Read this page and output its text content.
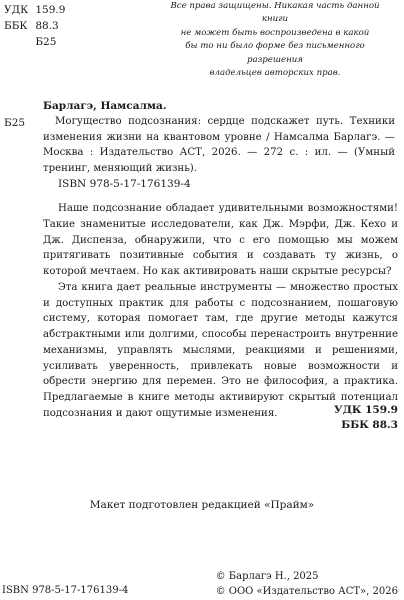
УДК 159.9
ББК 88.3
Б25
Все права защищены. Никакая часть данной книги
не может быть воспроизведена в какой
бы то ни было форме без письменного разрешения
владельцев авторских прав.
Барлагэ, Намсалма.
Б25	Могущество подсознания: сердце подскажет путь. Техники изменения жизни на квантовом уровне / Намсалма Барлагэ. — Москва : Издательство АСТ, 2026. — 272 с. : ил. — (Умный тренинг, меняющий жизнь).
ISBN 978-5-17-176139-4

Наше подсознание обладает удивительными возможностями! Такие знаменитые исследователи, как Дж. Мэрфи, Дж. Кехо и Дж. Диспенза, обнаружили, что с его помощью мы можем притягивать позитивные события и создавать ту жизнь, о которой мечтаем. Но как активировать наши скрытые ресурсы?

Эта книга дает реальные инструменты — множество простых и доступных практик для работы с подсознанием, пошаговую систему, которая помогает там, где другие методы кажутся абстрактными или долгими, способы перенастроить внутренние механизмы, управлять мыслями, реакциями и решениями, усиливать уверенность, привлекать новые возможности и обрести энергию для перемен. Это не философия, а практика. Предлагаемые в книге методы активируют скрытый потенциал подсознания и дают ощутимые изменения.	УДК 159.9
ББК 88.3
Макет подготовлен редакцией «Прайм»
ISBN 978-5-17-176139-4
© Барлагэ Н., 2025
© ООО «Издательство АСТ», 2026
